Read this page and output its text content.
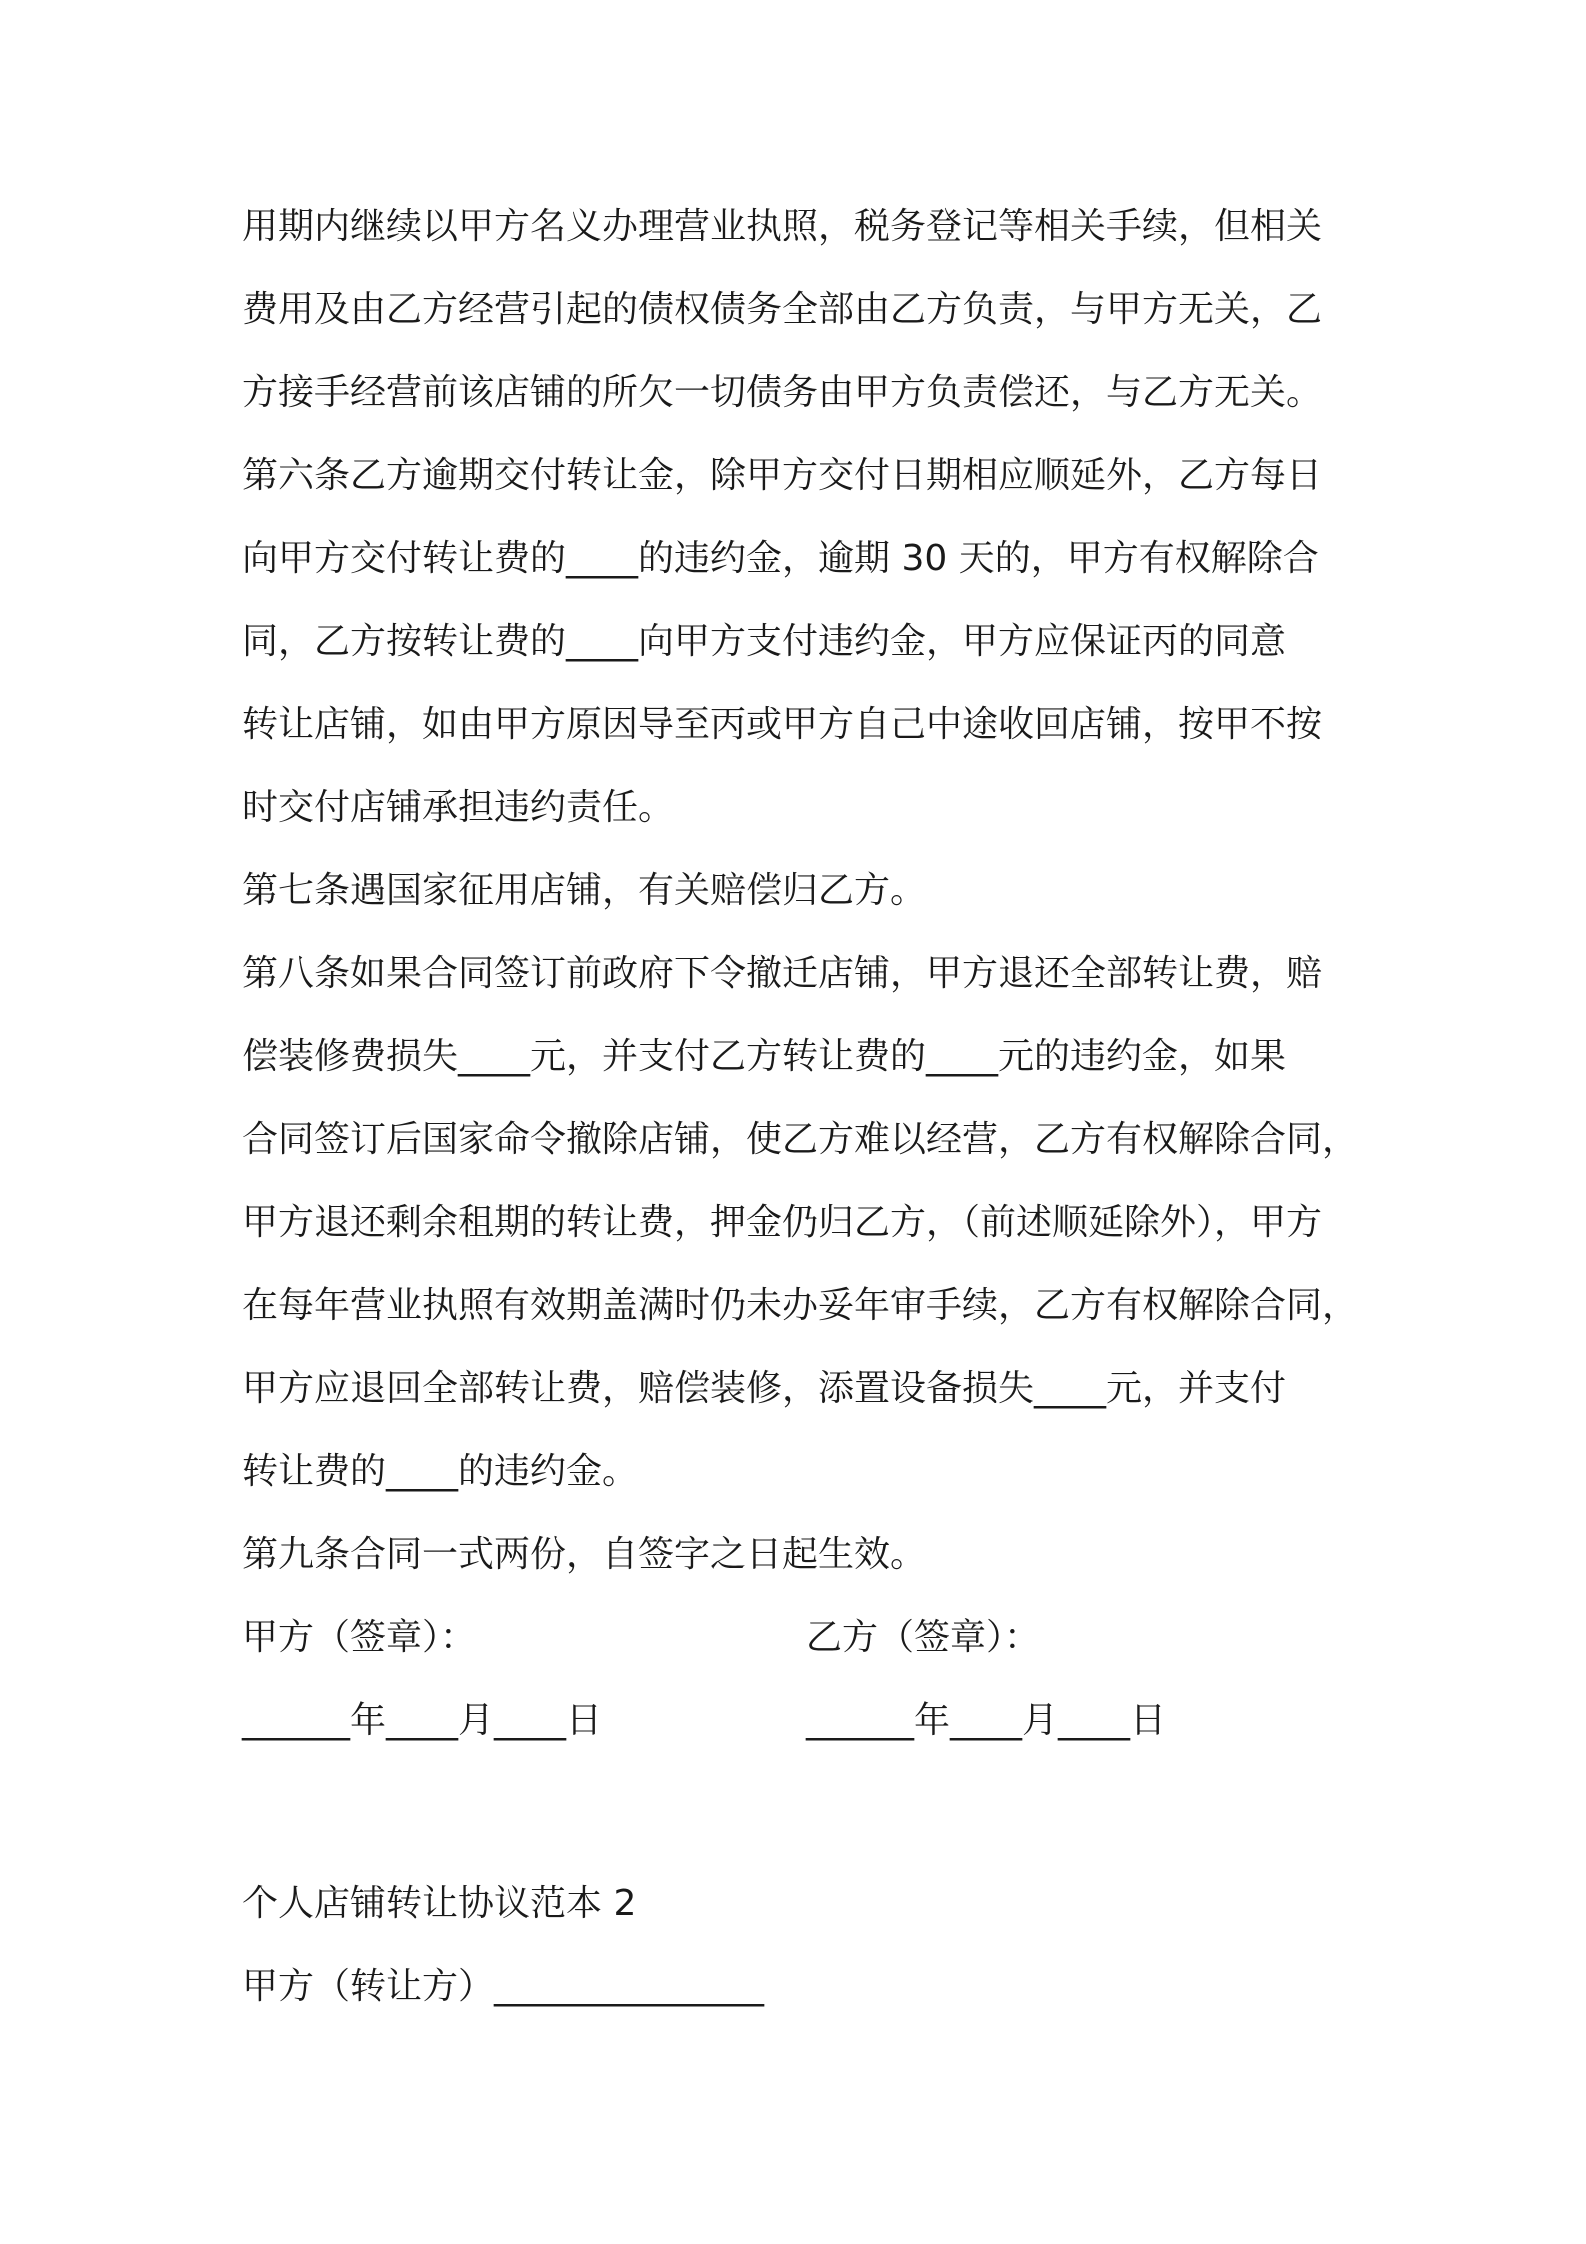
用期内继续以甲方名义办理营业执照，税务登记等相关手续，但相关
费用及由乙方经营引起的债权债务全部由乙方负责，与甲方无关，乙
方接手经营前该店铺的所欠一切债务由甲方负责偿还，与乙方无关。
第六条乙方逾期交付转让金，除甲方交付日期相应顺延外，乙方每日
向甲方交付转让费的____的违约金，逾期 30 天的，甲方有权解除合
同，乙方按转让费的____向甲方支付违约金，甲方应保证丙的同意
转让店铺，如由甲方原因导至丙或甲方自己中途收回店铺，按甲不按
时交付店铺承担违约责任。
第七条遇国家征用店铺，有关赔偿归乙方。
第八条如果合同签订前政府下令撤迁店铺，甲方退还全部转让费，赔
偿装修费损失____元，并支付乙方转让费的____元的违约金，如果
合同签订后国家命令撤除店铺，使乙方难以经营，乙方有权解除合同，
甲方退还剩余租期的转让费，押金仍归乙方，（前述顺延除外），甲方
在每年营业执照有效期盖满时仍未办妥年审手续，乙方有权解除合同，
甲方应退回全部转让费，赔偿装修，添置设备损失____元，并支付
转让费的____的违约金。
第九条合同一式两份，自签字之日起生效。
甲方（签章）：	乙方（签章）：
______年____月____日	______年____月____日
个人店铺转让协议范本 2
甲方（转让方）_______________
